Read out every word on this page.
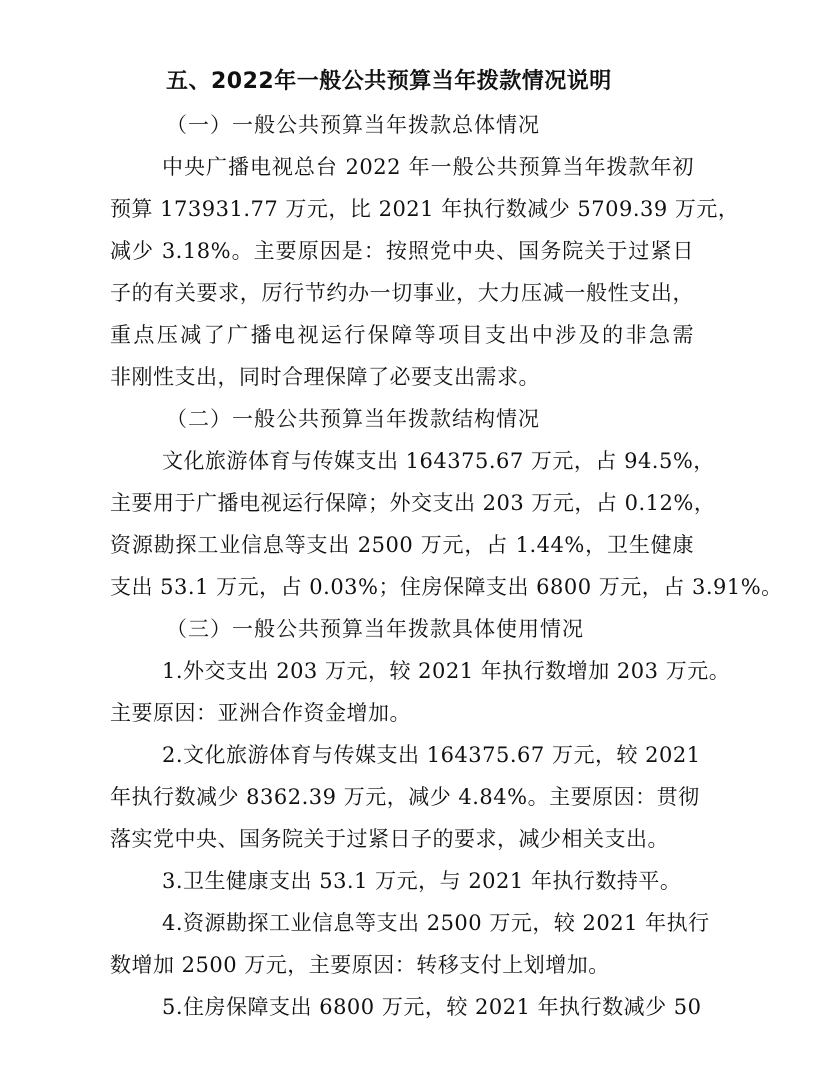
五、2022年一般公共预算当年拨款情况说明
（一）一般公共预算当年拨款总体情况
中央广播电视总台 2022 年一般公共预算当年拨款年初
预算 173931.77 万元，比 2021 年执行数减少 5709.39 万元，
减少 3.18%。主要原因是：按照党中央、国务院关于过紧日
子的有关要求，厉行节约办一切事业，大力压减一般性支出，
重点压减了广播电视运行保障等项目支出中涉及的非急需
非刚性支出，同时合理保障了必要支出需求。
（二）一般公共预算当年拨款结构情况
文化旅游体育与传媒支出 164375.67 万元，占 94.5%，
主要用于广播电视运行保障；外交支出 203 万元，占 0.12%，
资源勘探工业信息等支出 2500 万元，占 1.44%，卫生健康
支出 53.1 万元，占 0.03%；住房保障支出 6800 万元，占 3.91%。
（三）一般公共预算当年拨款具体使用情况
1.外交支出 203 万元，较 2021 年执行数增加 203 万元。
主要原因：亚洲合作资金增加。
2.文化旅游体育与传媒支出 164375.67 万元，较 2021
年执行数减少 8362.39 万元，减少 4.84%。主要原因：贯彻
落实党中央、国务院关于过紧日子的要求，减少相关支出。
3.卫生健康支出 53.1 万元，与 2021 年执行数持平。
4.资源勘探工业信息等支出 2500 万元，较 2021 年执行
数增加 2500 万元，主要原因：转移支付上划增加。
5.住房保障支出 6800 万元，较 2021 年执行数减少 50
